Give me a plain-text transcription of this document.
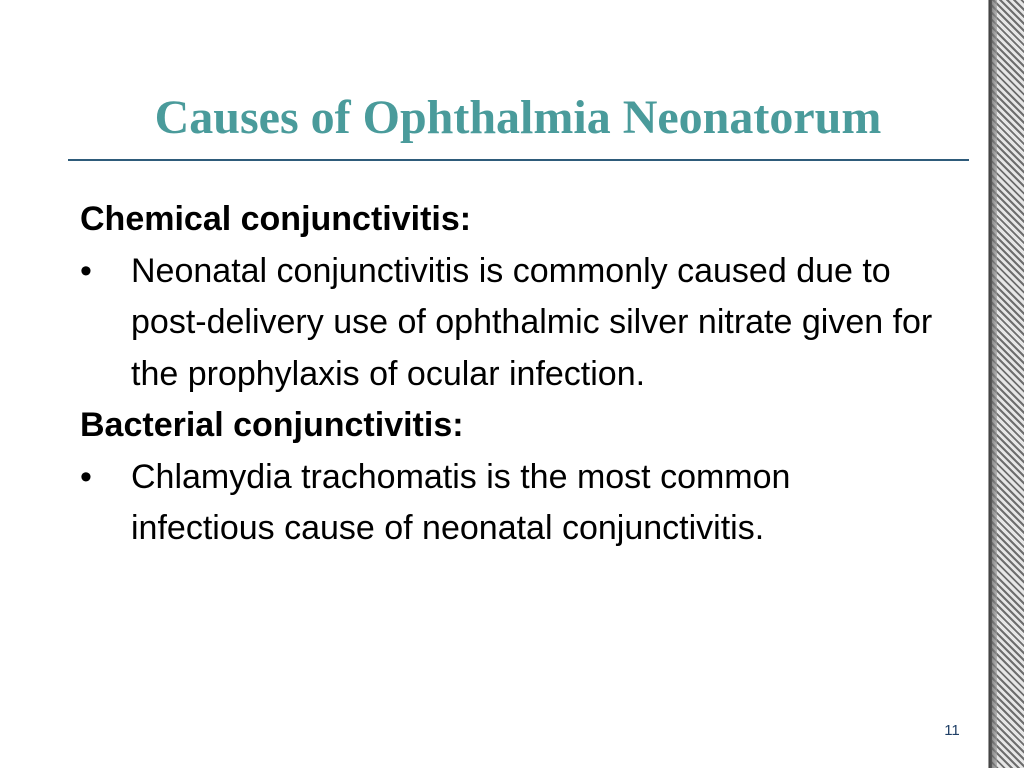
Causes of Ophthalmia Neonatorum

Chemical conjunctivitis:

• Neonatal conjunctivitis is commonly caused due to post-delivery use of ophthalmic silver nitrate given for the prophylaxis of ocular infection.

Bacterial conjunctivitis:

• Chlamydia trachomatis is the most common infectious cause of neonatal conjunctivitis.

11
